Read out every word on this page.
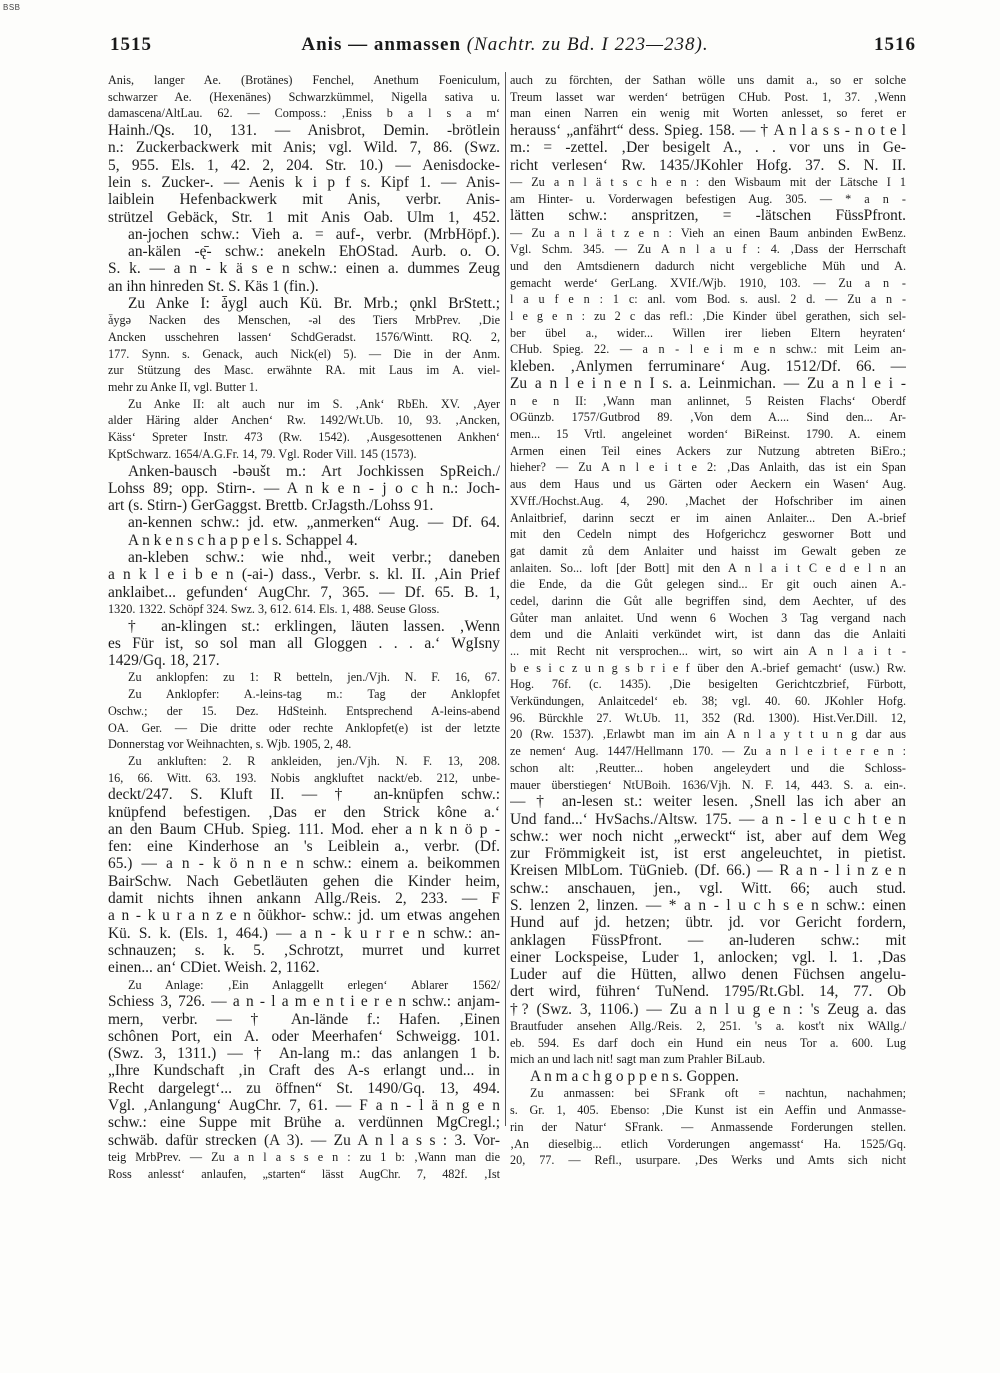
BSB
1515	Anis — anmassen (Nachtr. zu Bd. I 223—238).	1516
Anis, langer Ae. (Brotänes) Fenchel, Anethum Foeniculum,
schwarzer Ae. (Hexenänes) Schwarzkümmel, Nigella sativa u.
damascena/AltLau. 62. — Composs.: ‚Eniss b a l s a m‘
Hainh./Qs. 10, 131. — Anisbrot, Demin. -brötlein
n.: Zuckerbackwerk mit Anis; vgl. Wild. 7, 86. (Swz.
5, 955. Els. 1, 42. 2, 204. Str. 10.) — Aenisdocke-
lein s. Zucker-. — Aenis k i p f s. Kipf 1. — Anis-
laiblein Hefenbackwerk mit Anis, verbr. Anis-
strützel Gebäck, Str. 1 mit Anis Oab. Ulm 1, 452.
an-jochen schw.: Vieh a. = auf-, verbr. (MrbHöpf.).
an-kälen -ę̄- schw.: anekeln EhOStad. Aurb. o. O.
S. k. — a n - k ä s e n schw.: einen a. dummes Zeug
an ihn hinreden St. S. Käs 1 (fin.).
Zu Anke I: ǡygl auch Kü. Br. Mrb.; ǫnkl BrStett.;
ǡygə Nacken des Menschen, -əl des Tiers MrbPrev. ‚Die
Ancken usschehren lassen‘ SchdGeradst. 1576/Wintt. RQ. 2,
177. Synn. s. Genack, auch Nick(el) 5). — Die in der Anm.
zur Stützung des Masc. erwähnte RA. mit Laus im A. viel-
mehr zu Anke II, vgl. Butter 1.
Zu Anke II: alt auch nur im S. ‚Ank‘ RbEh. XV. ‚Ayer
alder Häring alder Anchen‘ Rw. 1492/Wt.Ub. 10, 93. ‚Ancken,
Käss‘ Spreter Instr. 473 (Rw. 1542). ‚Ausgesottenen Ankhen‘
KptSchwarz. 1654/A.G.Fr. 14, 79. Vgl. Roder Vill. 145 (1573).
Anken-bausch -bəušt m.: Art Jochkissen SpReich./
Lohss 89; opp. Stirn-. — A n k e n - j o c h n.: Joch-
art (s. Stirn-) GerGaggst. Brettb. CrJagsth./Lohss 91.
an-kennen schw.: jd. etw. „anmerken“ Aug. — Df. 64.
A n k e n s c h a p p e l s. Schappel 4.
an-kleben schw.: wie nhd., weit verbr.; daneben
a n k l e i b e n (-ai-) dass., Verbr. s. kl. II. ‚Ain Prief
anklaibet... gefunden‘ AugChr. 7, 365. — Df. 65. B. 1,
1320. 1322. Schöpf 324. Swz. 3, 612. 614. Els. 1, 488. Seuse Gloss.
† an-klingen st.: erklingen, läuten lassen. ‚Wenn
es Für ist, so sol man all Gloggen . . . a.‘ WgIsny
1429/Gq. 18, 217.
Zu anklopfen: zu 1: R betteln, jen./Vjh. N. F. 16, 67.
Zu Anklopfer: A.-leins-tag m.: Tag der Anklopfet
Oschw.; der 15. Dez. HdSteinh. Entsprechend A-leins-abend
OA. Ger. — Die dritte oder rechte Anklopfet(e) ist der letzte
Donnerstag vor Weihnachten, s. Wjb. 1905, 2, 48.
Zu ankluften: 2. R ankleiden, jen./Vjh. N. F. 13, 208.
16, 66. Witt. 63. 193. Nobis angkluftet nackt/eb. 212, unbe-
deckt/247. S. Kluft II. — † an-knüpfen schw.:
knüpfend befestigen. ‚Das er den Strick kône a.‘
an den Baum CHub. Spieg. 111. Mod. eher a n k n ö p -
fen: eine Kinderhose an 's Leiblein a., verbr. (Df.
65.) — a n - k ö n n e n schw.: einem a. beikommen
BairSchw. Nach Gebetläuten gehen die Kinder heim,
damit nichts ihnen ankann Allg./Reis. 2, 233. — F
a n - k u r a n z e n õükhor- schw.: jd. um etwas angehen
Kü. S. k. (Els. 1, 464.) — a n - k u r r e n schw.: an-
schnauzen; s. k. 5. ‚Schrotzt, murret und kurret
einen... an‘ CDiet. Weish. 2, 1162.
Zu Anlage: ‚Ein Anlaggellt erlegen‘ Ablarer 1562/
Schiess 3, 726. — a n - l a m e n t i e r e n schw.: anjam-
mern, verbr. — † An-lände f.: Hafen. ‚Einen
schônen Port, ein A. oder Meerhafen‘ Schweigg. 101.
(Swz. 3, 1311.) — † An-lang m.: das anlangen 1 b.
„Ihre Kundschaft ‚in Craft des A-s erlangt und... in
Recht dargelegt‘... zu öffnen“ St. 1490/Gq. 13, 494.
Vgl. ‚Anlangung‘ AugChr. 7, 61. — F a n - l ä n g e n
schw.: eine Suppe mit Brühe a. verdünnen MgCregl.;
schwäb. dafür strecken (A 3). — Zu A n l a s s : 3. Vor-
teig MrbPrev. — Zu a n l a s s e n : zu 1 b: ‚Wann man die
Ross anlesst‘ anlaufen, „starten“ lässt AugChr. 7, 482f. ‚Ist
auch zu förchten, der Sathan wölle uns damit a., so er solche
Treum lasset war werden‘ betrügen CHub. Post. 1, 37. ‚Wenn
man einen Narren ein wenig mit Worten anlesset, so feret er
herauss‘ „anfährt“ dess. Spieg. 158. — † A n l a s s - n o t e l
m.: = -zettel. ‚Der besigelt A., . . vor uns in Ge-
richt verlesen‘ Rw. 1435/JKohler Hofg. 37. S. N. II.
— Zu a n l ä t s c h e n : den Wisbaum mit der Lätsche I 1
am Hinter- u. Vorderwagen befestigen Aug. 305. — * a n -
lätten schw.: anspritzen, = -lätschen FüssPfront.
— Zu a n l ä t z e n : Vieh an einen Baum anbinden EwBenz.
Vgl. Schm. 345. — Zu A n l a u f : 4. ‚Dass der Herrschaft
und den Amtsdienern dadurch nicht vergebliche Müh und A.
gemacht werde‘ GerLang. XVIf./Wjb. 1910, 103. — Zu a n -
l a u f e n : 1 c: anl. vom Bod. s. ausl. 2 d. — Zu a n -
l e g e n : zu 2 c das refl.: ‚Die Kinder übel gerathen, sich sel-
ber übel a., wider... Willen irer lieben Eltern heyraten‘
CHub. Spieg. 22. — a n - l e i m e n schw.: mit Leim an-
kleben. ‚Anlymen ferruminare‘ Aug. 1512/Df. 66. —
Zu a n l e i n e n I s. a. Leinmichan. — Zu a n l e i -
n e n II: ‚Wann man anlinnet, 5 Reisten Flachs‘ Oberdf
OGünzb. 1757/Gutbrod 89. ‚Von dem A.... Sind den... Ar-
men... 15 Vrtl. angeleinet worden‘ BiReinst. 1790. A. einem
Armen einen Teil eines Ackers zur Nutzung abtreten BiEro.;
hieher? — Zu A n l e i t e 2: ‚Das Anlaith, das ist ein Span
aus dem Haus und us Gärten oder Aeckern ein Wasen‘ Aug.
XVff./Hochst.Aug. 4, 290. ‚Machet der Hofschriber im ainen
Anlaitbrief, darinn seczt er im ainen Anlaiter... Den A.-brief
mit den Cedeln nimpt des Hofgerichcz gesworner Bott und
gat damit zů dem Anlaiter und haisst im Gewalt geben ze
anlaiten. So... loft [der Bott] mit den A n l a i t C e d e l n an
die Ende, da die Gůt gelegen sind... Er git ouch ainen A.-
cedel, darinn die Gůt alle begriffen sind, dem Aechter, uf des
Gůter man anlaitet. Und wenn 6 Wochen 3 Tag vergand nach
dem und die Anlaiti verkündet wirt, ist dann das die Anlaiti
... mit Recht nit versprochen... wirt, so wirt ain A n l a i t -
b e s i c z u n g s b r i e f über den A.-brief gemacht‘ (usw.) Rw.
Hog. 76f. (c. 1435). ‚Die besigelten Gerichtczbrief, Fürbott,
Verkündungen, Anlaitcedel‘ eb. 38; vgl. 40. 60. JKohler Hofg.
96. Bürckhle 27. Wt.Ub. 11, 352 (Rd. 1300). Hist.Ver.Dill. 12,
20 (Rw. 1537). ‚Erlawbt man im ain A n l a y t t u n g dar aus
ze nemen‘ Aug. 1447/Hellmann 170. — Zu a n l e i t e r e n :
schon alt: ‚Reutter... hoben angeleydert und die Schloss-
mauer überstiegen‘ NtUBoih. 1636/Vjh. N. F. 14, 443. S. a. ein-.
— † an-lesen st.: weiter lesen. ‚Snell las ich aber an
Und fand...‘ HvSachs./Altsw. 175. — a n - l e u c h t e n
schw.: wer noch nicht „erweckt“ ist, aber auf dem Weg
zur Frömmigkeit ist, ist erst angeleuchtet, in pietist.
Kreisen MlbLom. TüGnieb. (Df. 66.) — R a n - l i n z e n
schw.: anschauen, jen., vgl. Witt. 66; auch stud.
S. lenzen 2, linzen. — * a n - l u c h s e n schw.: einen
Hund auf jd. hetzen; übtr. jd. vor Gericht fordern,
anklagen FüssPfront. — an-luderen schw.: mit
einer Lockspeise, Luder 1, anlocken; vgl. l. 1. ‚Das
Luder auf die Hütten, allwo denen Füchsen angelu-
dert wird, führen‘ TuNend. 1795/Rt.Gbl. 14, 77. Ob
†? (Swz. 3, 1106.) — Zu a n l u g e n : 's Zeug a. das
Brautfuder ansehen Allg./Reis. 2, 251. 's a. kost't nix WAllg./
eb. 594. Es darf doch ein Hund ein neus Tor a. 600. Lug
mich an und lach nit! sagt man zum Prahler BiLaub.
A n m a c h g o p p e n s. Goppen.
Zu anmassen: bei SFrank oft = nachtun, nachahmen;
s. Gr. 1, 405. Ebenso: ‚Die Kunst ist ein Aeffin und Anmasse-
rin der Natur‘ SFrank. — Anmassende Forderungen stellen.
‚An dieselbig... etlich Vorderungen angemasst‘ Ha. 1525/Gq.
20, 77. — Refl., usurpare. ‚Des Werks und Amts sich nicht
